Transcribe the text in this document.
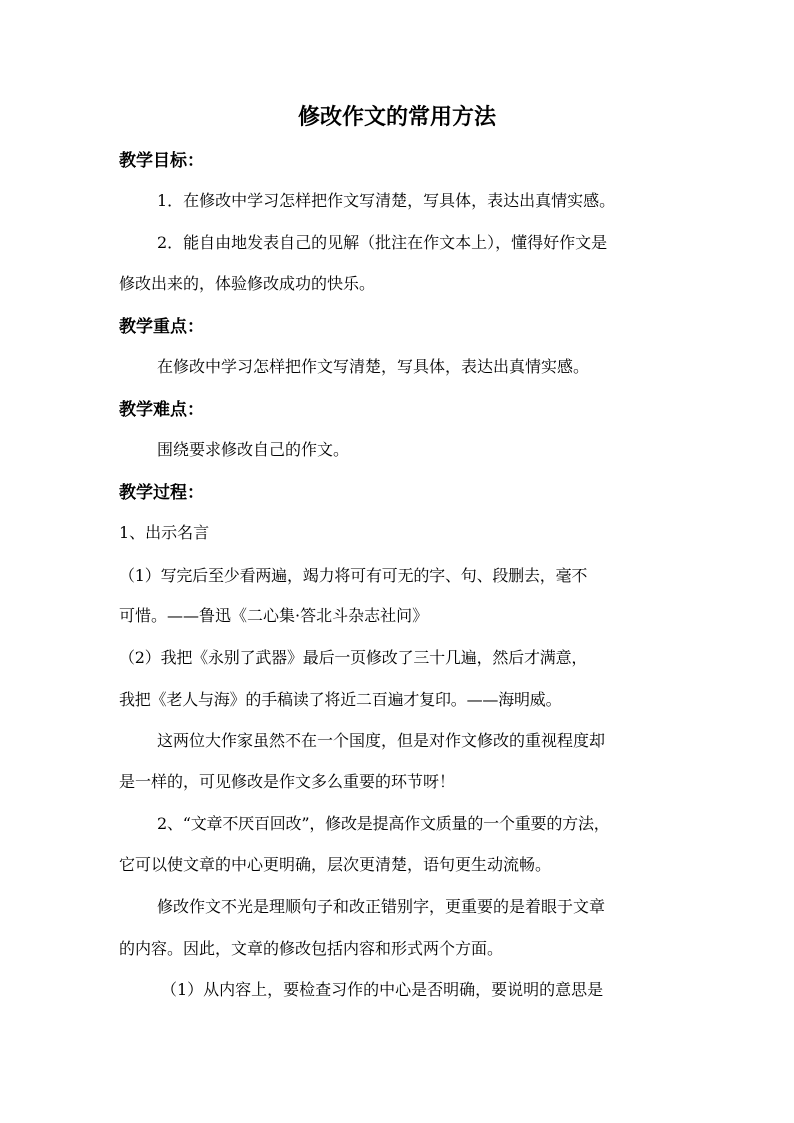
修改作文的常用方法
教学目标：
1．在修改中学习怎样把作文写清楚，写具体，表达出真情实感。
2．能自由地发表自己的见解（批注在作文本上），懂得好作文是
修改出来的，体验修改成功的快乐。
教学重点：
在修改中学习怎样把作文写清楚，写具体，表达出真情实感。
教学难点：
围绕要求修改自己的作文。
教学过程：
1、出示名言
（1）写完后至少看两遍，竭力将可有可无的字、句、段删去，毫不
可惜。——鲁迅《二心集·答北斗杂志社问》
（2）我把《永别了武器》最后一页修改了三十几遍，然后才满意，
我把《老人与海》的手稿读了将近二百遍才复印。——海明威。
这两位大作家虽然不在一个国度，但是对作文修改的重视程度却
是一样的，可见修改是作文多么重要的环节呀！
2、“文章不厌百回改”，修改是提高作文质量的一个重要的方法，
它可以使文章的中心更明确，层次更清楚，语句更生动流畅。
修改作文不光是理顺句子和改正错别字，更重要的是着眼于文章
的内容。因此，文章的修改包括内容和形式两个方面。
（1）从内容上，要检查习作的中心是否明确，要说明的意思是
